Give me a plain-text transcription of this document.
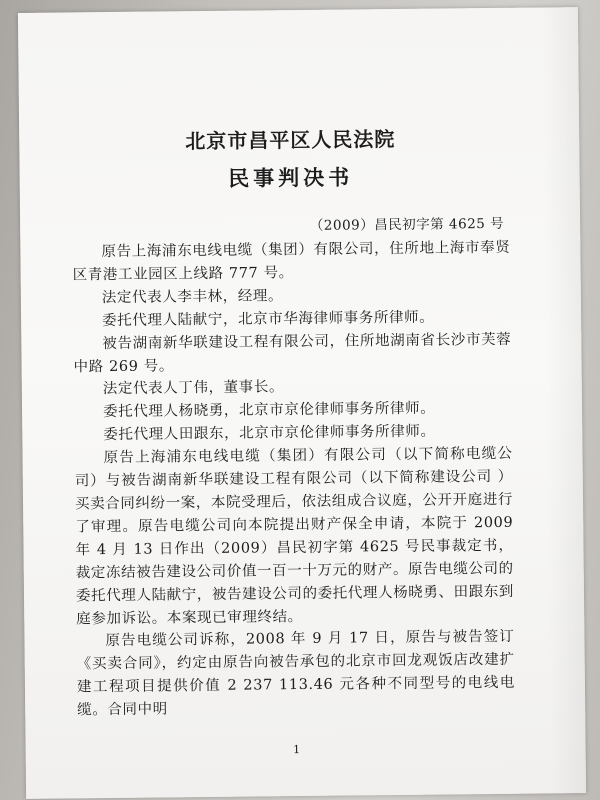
北京市昌平区人民法院
民事判决书
（2009）昌民初字第 4625 号

原告上海浦东电线电缆（集团）有限公司，住所地上海市奉贤区青港工业园区上线路 777 号。

法定代表人李丰林，经理。

委托代理人陆献宁，北京市华海律师事务所律师。

被告湖南新华联建设工程有限公司，住所地湖南省长沙市芙蓉中路 269 号。

法定代表人丁伟，董事长。

委托代理人杨晓勇，北京市京伦律师事务所律师。

委托代理人田跟东，北京市京伦律师事务所律师。

原告上海浦东电线电缆（集团）有限公司（以下简称电缆公司）与被告湖南新华联建设工程有限公司（以下简称建设公司 ）买卖合同纠纷一案，本院受理后，依法组成合议庭，公开开庭进行了审理。原告电缆公司向本院提出财产保全申请，本院于 2009 年 4 月 13 日作出（2009）昌民初字第 4625 号民事裁定书，裁定冻结被告建设公司价值一百一十万元的财产。原告电缆公司的委托代理人陆献宁，被告建设公司的委托代理人杨晓勇、田跟东到庭参加诉讼。本案现已审理终结。

原告电缆公司诉称，2008 年 9 月 17 日，原告与被告签订《买卖合同》，约定由原告向被告承包的北京市回龙观饭店改建扩建工程项目提供价值 2 237 113.46 元各种不同型号的电线电缆。合同中明

1
